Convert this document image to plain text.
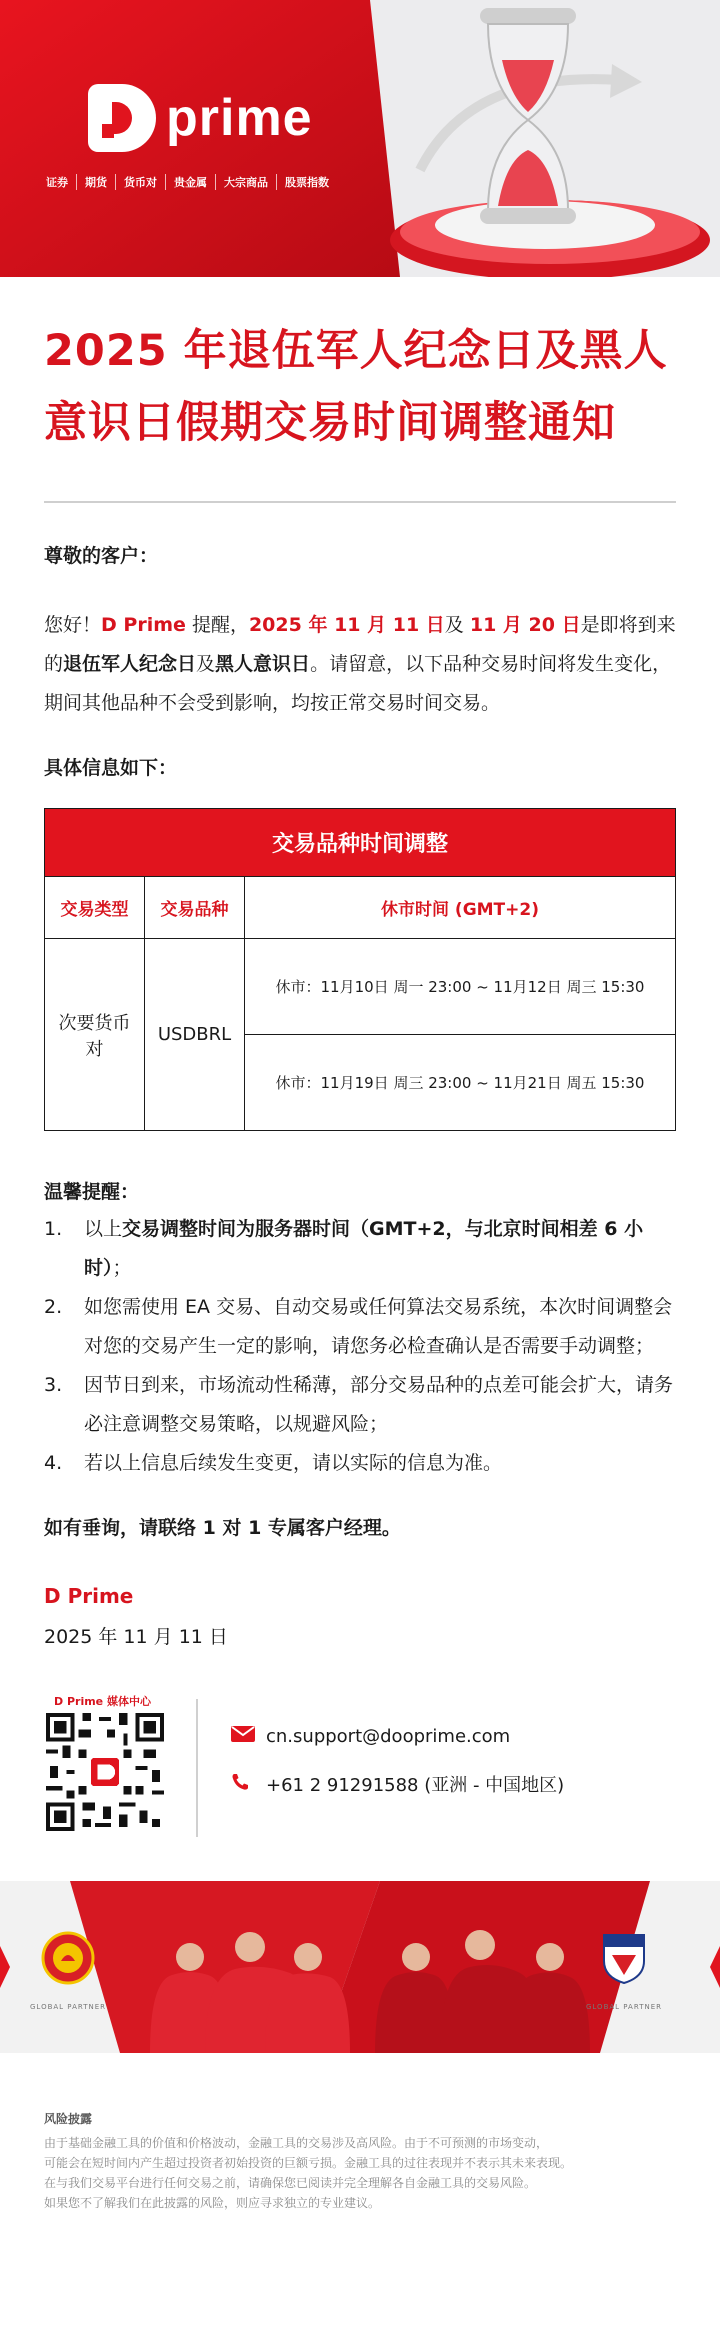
prime
证券	期货	货币对	贵金属	大宗商品	股票指数
2025 年退伍军人纪念日及黑人
意识日假期交易时间调整通知

尊敬的客户：

您好！D Prime 提醒，2025 年 11 月 11 日及 11 月 20 日是即将到来的退伍军人纪念日及黑人意识日。请留意，以下品种交易时间将发生变化，期间其他品种不会受到影响，均按正常交易时间交易。

具体信息如下：

交易品种时间调整		
交易类型	交易品种	休市时间 (GMT+2)
次要货币对	USDBRL	休市：11月10日 周一 23:00 ~ 11月12日 周三 15:30
		休市：11月19日 周三 23:00 ~ 11月21日 周五 15:30

温馨提醒：

1.	以上交易调整时间为服务器时间（GMT+2，与北京时间相差 6 小时）；
2.	如您需使用 EA 交易、自动交易或任何算法交易系统，本次时间调整会对您的交易产生一定的影响，请您务必检查确认是否需要手动调整；
3.	因节日到来，市场流动性稀薄，部分交易品种的点差可能会扩大，请务必注意调整交易策略，以规避风险；
4.	若以上信息后续发生变更，请以实际的信息为准。

如有垂询，请联络 1 对 1 专属客户经理。

D Prime

2025 年 11 月 11 日

D Prime 媒体中心
cn.support@dooprime.com
+61 2 91291588 (亚洲 - 中国地区)
GLOBAL PARTNER	GLOBAL PARTNER
风险披露
由于基础金融工具的价值和价格波动，金融工具的交易涉及高风险。由于不可预测的市场变动，
可能会在短时间内产生超过投资者初始投资的巨额亏损。金融工具的过往表现并不表示其未来表现。
在与我们交易平台进行任何交易之前，请确保您已阅读并完全理解各自金融工具的交易风险。
如果您不了解我们在此披露的风险，则应寻求独立的专业建议。
